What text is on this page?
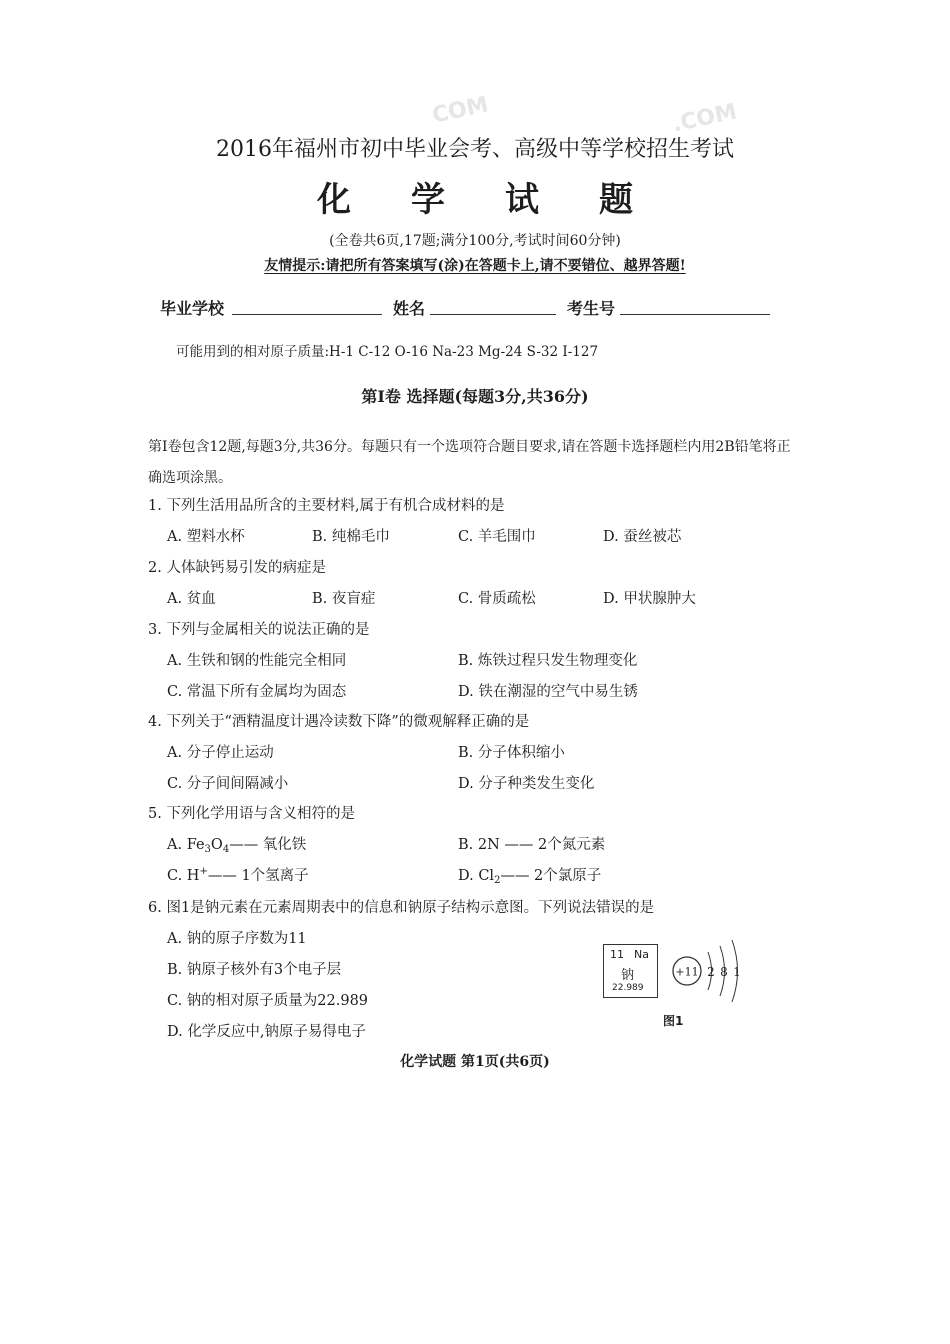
COM	.COM
2016年福州市初中毕业会考、高级中等学校招生考试
化学试题
(全卷共6页,17题;满分100分,考试时间60分钟)
友情提示:请把所有答案填写(涂)在答题卡上,请不要错位、越界答题!
毕业学校	姓名	考生号
可能用到的相对原子质量:H-1 C-12 O-16 Na-23 Mg-24 S-32 I-127
第Ⅰ卷 选择题(每题3分,共36分)
第Ⅰ卷包含12题,每题3分,共36分。每题只有一个选项符合题目要求,请在答题卡选择题栏内用2B铅笔将正确选项涂黑。
1. 下列生活用品所含的主要材料,属于有机合成材料的是
A. 塑料水杯	B. 纯棉毛巾	C. 羊毛围巾	D. 蚕丝被芯
2. 人体缺钙易引发的病症是
A. 贫血	B. 夜盲症	C. 骨质疏松	D. 甲状腺肿大
3. 下列与金属相关的说法正确的是
A. 生铁和钢的性能完全相同	B. 炼铁过程只发生物理变化
C. 常温下所有金属均为固态	D. 铁在潮湿的空气中易生锈
4. 下列关于“酒精温度计遇冷读数下降”的微观解释正确的是
A. 分子停止运动	B. 分子体积缩小
C. 分子间间隔减小	D. 分子种类发生变化
5. 下列化学用语与含义相符的是
A. $Fe_3O_4——$ 氧化铁	B. 2N —— 2个氮元素
C. H+—— 1个氢离子	D. $Cl_2——$ 2个氯原子
6. 图1是钠元素在元素周期表中的信息和钠原子结构示意图。下列说法错误的是
A. 钠的原子序数为11
B. 钠原子核外有3个电子层
C. 钠的相对原子质量为22.989
D. 化学反应中,钠原子易得电子
11 Na
钠
22.989
+11 2 8 1
图1
化学试题 第1页(共6页)
